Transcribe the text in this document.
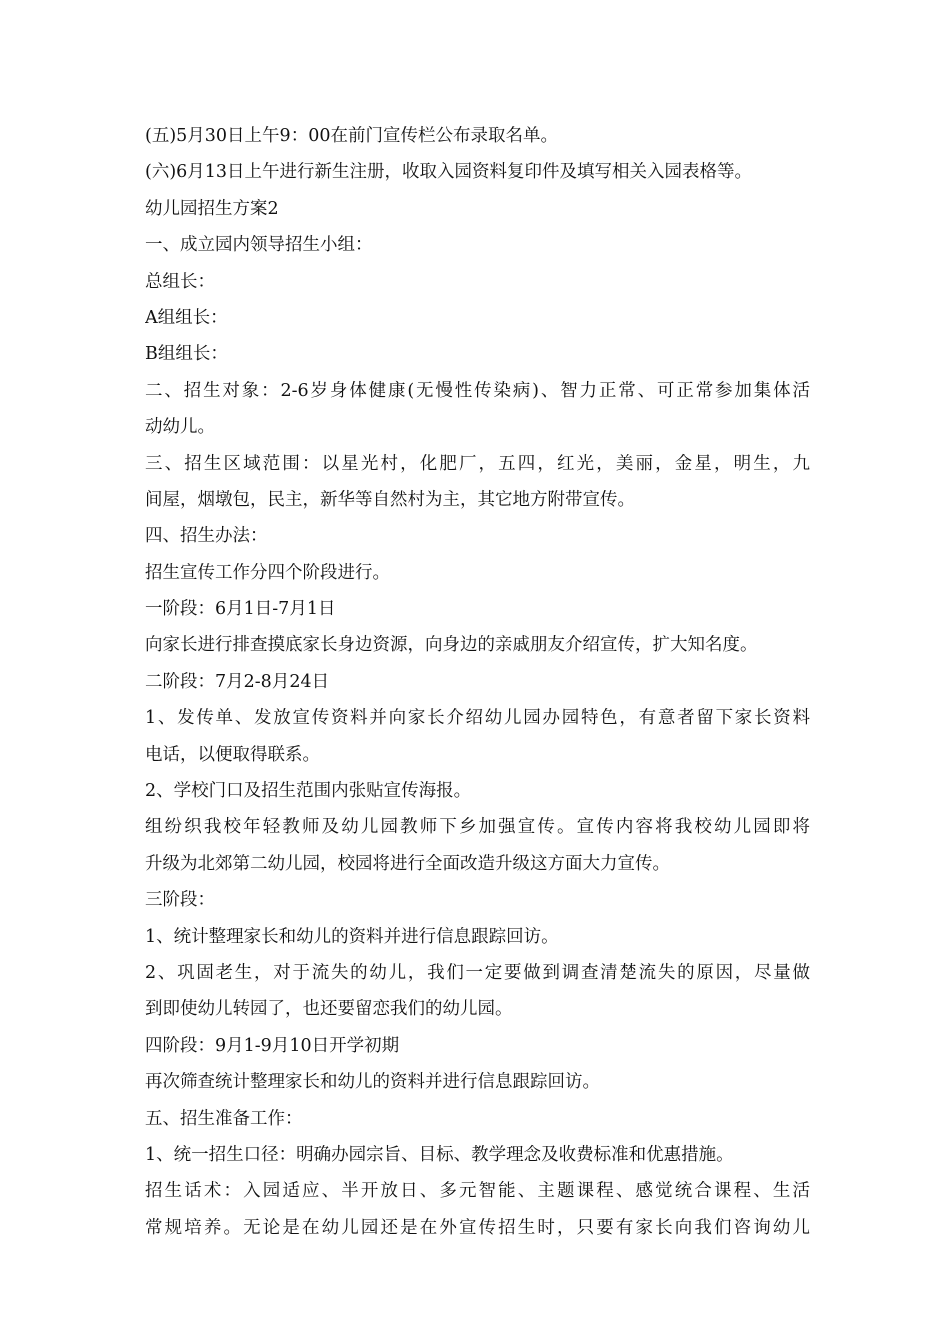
(五)5月30日上午9：00在前门宣传栏公布录取名单。
(六)6月13日上午进行新生注册，收取入园资料复印件及填写相关入园表格等。
幼儿园招生方案2
一、成立园内领导招生小组：
总组长：
A组组长：
B组组长：
二、招生对象：2-6岁身体健康(无慢性传染病)、智力正常、可正常参加集体活
动幼儿。
三、招生区域范围：以星光村，化肥厂，五四，红光，美丽，金星，明生，九
间屋，烟墩包，民主，新华等自然村为主，其它地方附带宣传。
四、招生办法：
招生宣传工作分四个阶段进行。
一阶段：6月1日-7月1日
向家长进行排查摸底家长身边资源，向身边的亲戚朋友介绍宣传，扩大知名度。
二阶段：7月2-8月24日
1、发传单、发放宣传资料并向家长介绍幼儿园办园特色，有意者留下家长资料
电话，以便取得联系。
2、学校门口及招生范围内张贴宣传海报。
组纷织我校年轻教师及幼儿园教师下乡加强宣传。宣传内容将我校幼儿园即将
升级为北郊第二幼儿园，校园将进行全面改造升级这方面大力宣传。
三阶段：
1、统计整理家长和幼儿的资料并进行信息跟踪回访。
2、巩固老生，对于流失的幼儿，我们一定要做到调查清楚流失的原因，尽量做
到即使幼儿转园了，也还要留恋我们的幼儿园。
四阶段：9月1-9月10日开学初期
再次筛查统计整理家长和幼儿的资料并进行信息跟踪回访。
五、招生准备工作：
1、统一招生口径：明确办园宗旨、目标、教学理念及收费标准和优惠措施。
招生话术：入园适应、半开放日、多元智能、主题课程、感觉统合课程、生活
常规培养。无论是在幼儿园还是在外宣传招生时，只要有家长向我们咨询幼儿
